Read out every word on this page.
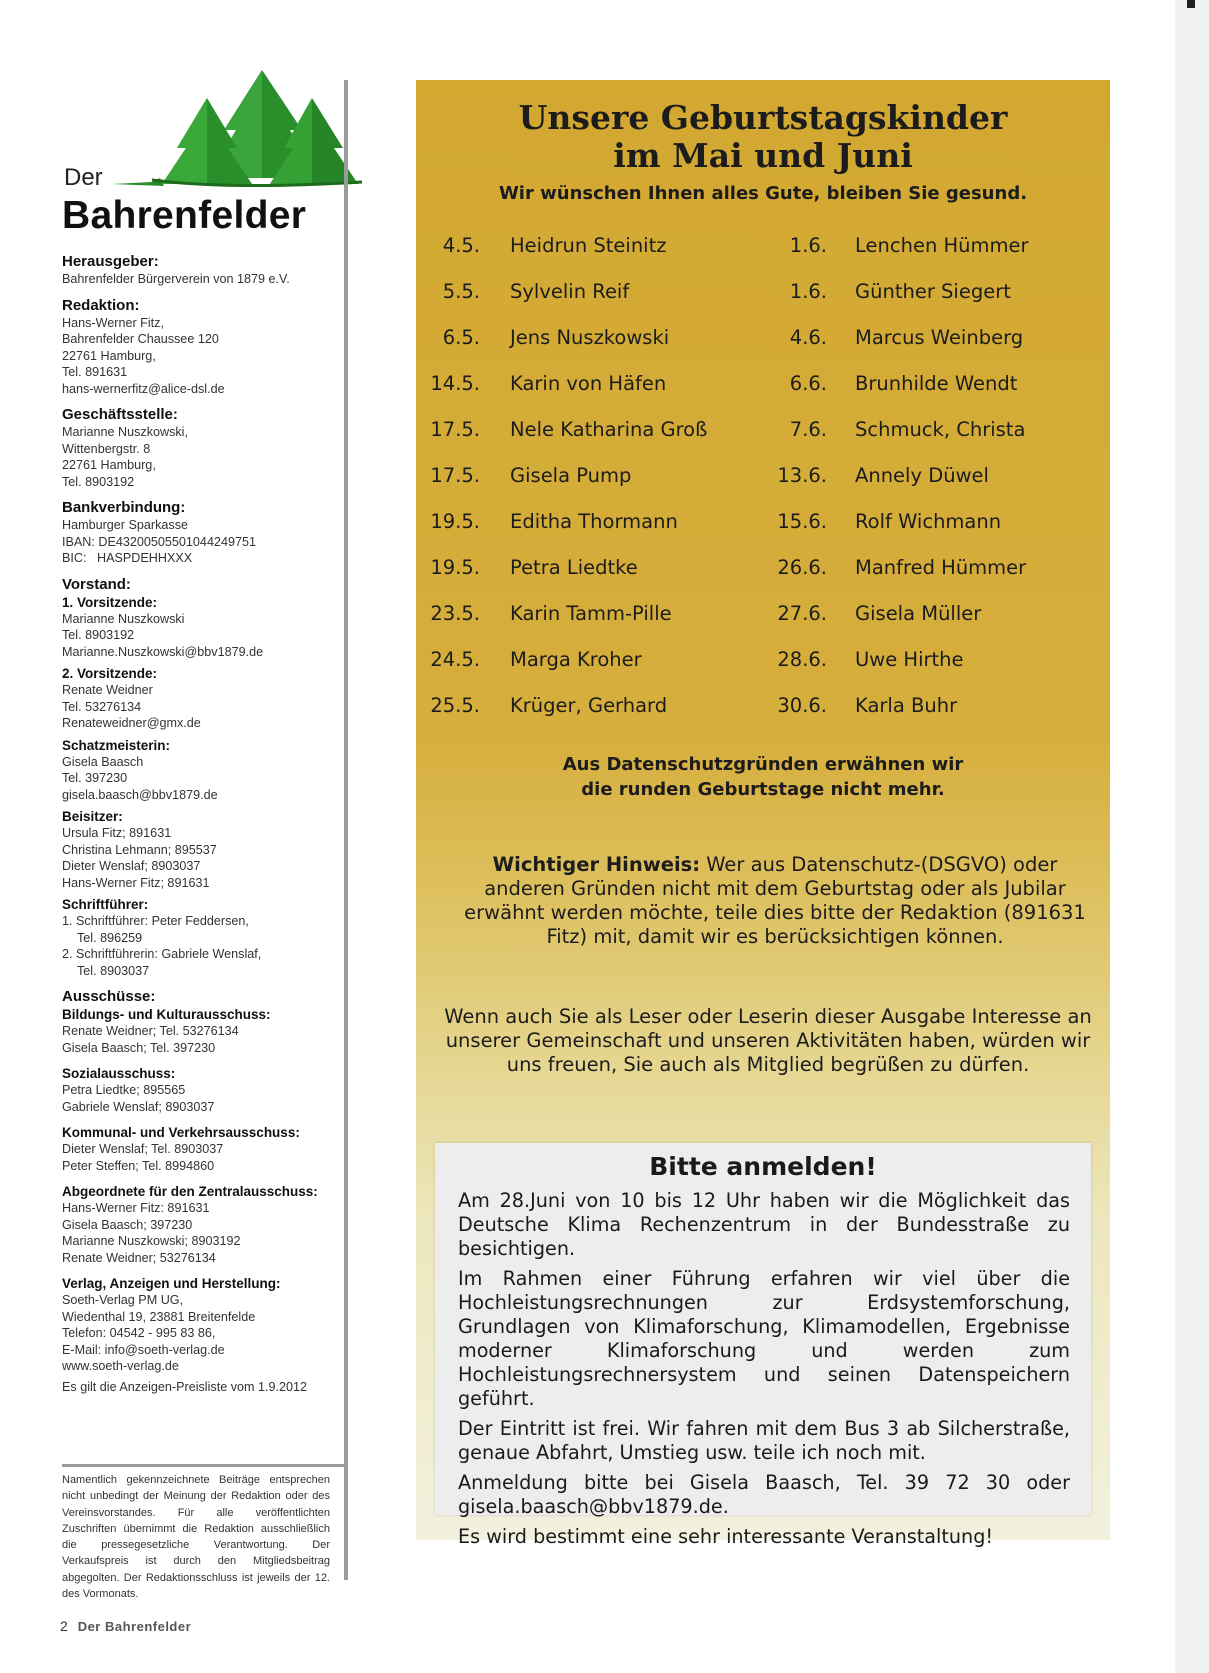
Der
Bahrenfelder
Herausgeber:
Bahrenfelder Bürgerverein von 1879 e.V.
Redaktion:
Hans-Werner Fitz,
Bahrenfelder Chaussee 120
22761 Hamburg,
Tel. 891631
hans-wernerfitz@alice-dsl.de
Geschäftsstelle:
Marianne Nuszkowski,
Wittenbergstr. 8
22761 Hamburg,
Tel. 8903192
Bankverbindung:
Hamburger Sparkasse
IBAN: DE43200505501044249751
BIC:   HASPDEHHXXX
Vorstand:
1. Vorsitzende:
Marianne Nuszkowski
Tel. 8903192
Marianne.Nuszkowski@bbv1879.de
2. Vorsitzende:
Renate Weidner
Tel. 53276134
Renateweidner@gmx.de
Schatzmeisterin:
Gisela Baasch
Tel. 397230
gisela.baasch@bbv1879.de
Beisitzer:
Ursula Fitz; 891631
Christina Lehmann; 895537
Dieter Wenslaf; 8903037
Hans-Werner Fitz; 891631
Schriftführer:
1. Schriftführer: Peter Feddersen,
Tel. 896259
2. Schriftführerin: Gabriele Wenslaf,
Tel. 8903037
Ausschüsse:
Bildungs- und Kulturausschuss:
Renate Weidner; Tel. 53276134
Gisela Baasch; Tel. 397230
Sozialausschuss:
Petra Liedtke; 895565
Gabriele Wenslaf; 8903037
Kommunal- und Verkehrsausschuss:
Dieter Wenslaf; Tel. 8903037
Peter Steffen; Tel. 8994860
Abgeordnete für den Zentralausschuss:
Hans-Werner Fitz: 891631
Gisela Baasch; 397230
Marianne Nuszkowski; 8903192
Renate Weidner; 53276134
Verlag, Anzeigen und Herstellung:
Soeth-Verlag PM UG,
Wiedenthal 19, 23881 Breitenfelde
Telefon: 04542 - 995 83 86,
E-Mail: info@soeth-verlag.de
www.soeth-verlag.de
Es gilt die Anzeigen-Preisliste vom 1.9.2012
Namentlich gekennzeichnete Beiträge entsprechen nicht unbedingt der Meinung der Redaktion oder des Vereinsvorstandes. Für alle veröffentlichten Zuschriften übernimmt die Redaktion ausschließlich die pressegesetzliche Verantwortung. Der Verkaufspreis ist durch den Mitgliedsbeitrag abgegolten. Der Redaktionsschluss ist jeweils der 12. des Vormonats.
2 Der Bahrenfelder
Unsere Geburtstagskinder
im Mai und Juni
Wir wünschen Ihnen alles Gute, bleiben Sie gesund.
4.5. Heidrun Steinitz
5.5. Sylvelin Reif
6.5. Jens Nuszkowski
14.5. Karin von Häfen
17.5. Nele Katharina Groß
17.5. Gisela Pump
19.5. Editha Thormann
19.5. Petra Liedtke
23.5. Karin Tamm-Pille
24.5. Marga Kroher
25.5. Krüger, Gerhard
1.6. Lenchen Hümmer
1.6. Günther Siegert
4.6. Marcus Weinberg
6.6. Brunhilde Wendt
7.6. Schmuck, Christa
13.6. Annely Düwel
15.6. Rolf Wichmann
26.6. Manfred Hümmer
27.6. Gisela Müller
28.6. Uwe Hirthe
30.6. Karla Buhr
Aus Datenschutzgründen erwähnen wir
die runden Geburtstage nicht mehr.
Wichtiger Hinweis: Wer aus Datenschutz-(DSGVO) oder anderen Gründen nicht mit dem Geburtstag oder als Jubilar erwähnt werden möchte, teile dies bitte der Redaktion (891631 Fitz) mit, damit wir es berücksichtigen können.
Wenn auch Sie als Leser oder Leserin dieser Ausgabe Interesse an unserer Gemeinschaft und unseren Aktivitäten haben, würden wir uns freuen, Sie auch als Mitglied begrüßen zu dürfen.
Bitte anmelden!

Am 28.Juni von 10 bis 12 Uhr haben wir die Möglichkeit das Deutsche Klima Rechenzentrum in der Bundesstraße zu besichtigen.

Im Rahmen einer Führung erfahren wir viel über die Hochleistungsrechnungen zur Erdsystemforschung, Grundlagen von Klimaforschung, Klimamodellen, Ergebnisse moderner Klimaforschung und werden zum Hochleistungsrechnersystem und seinen Datenspeichern geführt.

Der Eintritt ist frei. Wir fahren mit dem Bus 3 ab Silcherstraße, genaue Abfahrt, Umstieg usw. teile ich noch mit.

Anmeldung bitte bei Gisela Baasch, Tel. 39 72 30 oder gisela.baasch@bbv1879.de.

Es wird bestimmt eine sehr interessante Veranstaltung!
